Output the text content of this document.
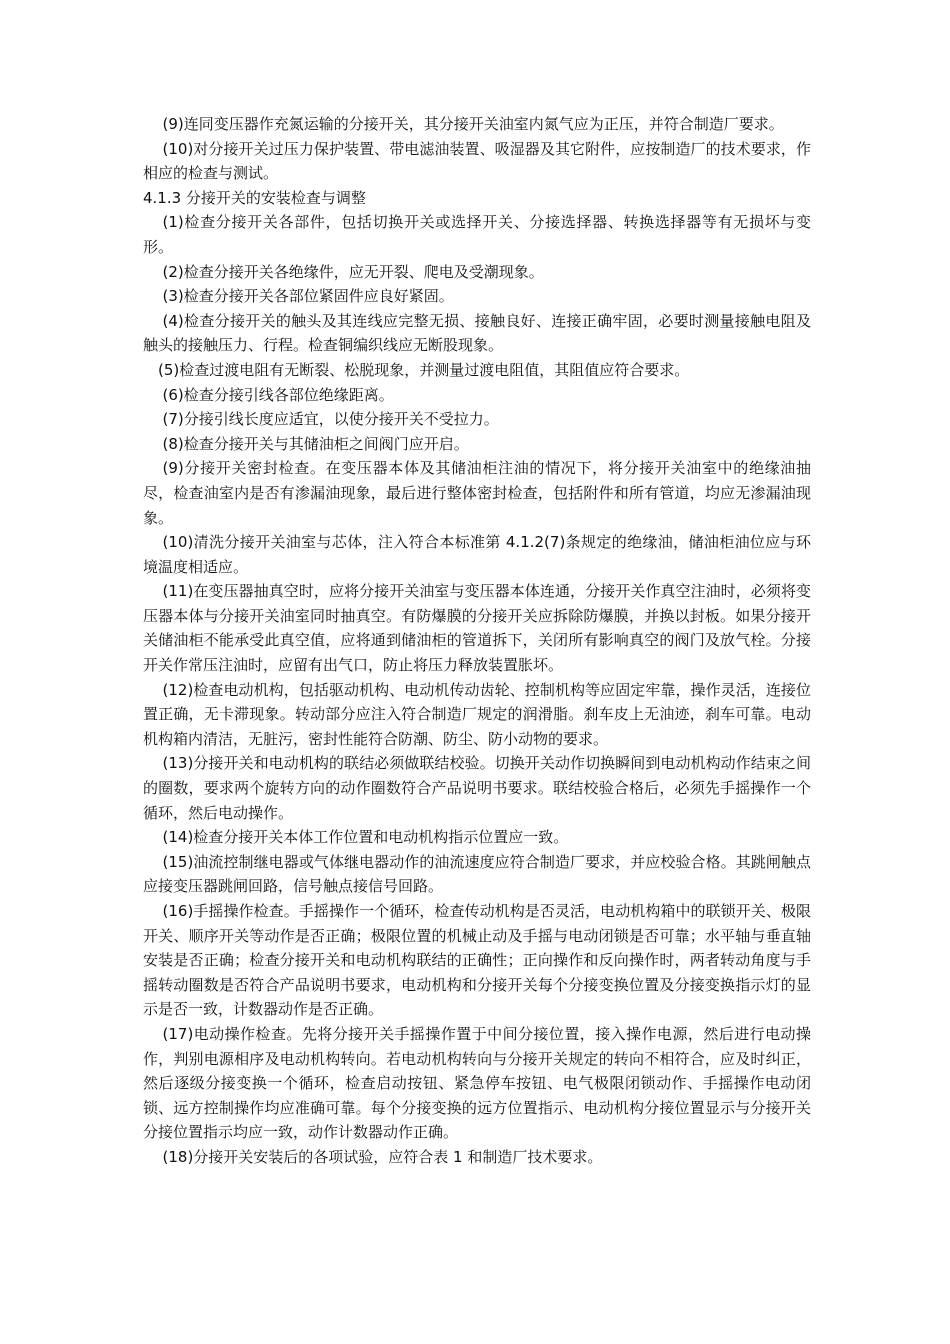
(9)连同变压器作充氮运输的分接开关，其分接开关油室内氮气应为正压，并符合制造厂要求。

(10)对分接开关过压力保护装置、带电滤油装置、吸湿器及其它附件，应按制造厂的技术要求，作相应的检查与测试。

4.1.3 分接开关的安装检查与调整

(1)检查分接开关各部件，包括切换开关或选择开关、分接选择器、转换选择器等有无损坏与变形。

(2)检查分接开关各绝缘件，应无开裂、爬电及受潮现象。

(3)检查分接开关各部位紧固件应良好紧固。

(4)检查分接开关的触头及其连线应完整无损、接触良好、连接正确牢固，必要时测量接触电阻及触头的接触压力、行程。检查铜编织线应无断股现象。

(5)检查过渡电阻有无断裂、松脱现象，并测量过渡电阻值，其阻值应符合要求。

(6)检查分接引线各部位绝缘距离。

(7)分接引线长度应适宜，以使分接开关不受拉力。

(8)检查分接开关与其储油柜之间阀门应开启。

(9)分接开关密封检查。在变压器本体及其储油柜注油的情况下，将分接开关油室中的绝缘油抽尽，检查油室内是否有渗漏油现象，最后进行整体密封检查，包括附件和所有管道，均应无渗漏油现象。

(10)清洗分接开关油室与芯体，注入符合本标准第 4.1.2(7)条规定的绝缘油，储油柜油位应与环境温度相适应。

(11)在变压器抽真空时，应将分接开关油室与变压器本体连通，分接开关作真空注油时，必须将变压器本体与分接开关油室同时抽真空。有防爆膜的分接开关应拆除防爆膜，并换以封板。如果分接开关储油柜不能承受此真空值，应将通到储油柜的管道拆下，关闭所有影响真空的阀门及放气栓。分接开关作常压注油时，应留有出气口，防止将压力释放装置胀坏。

(12)检查电动机构，包括驱动机构、电动机传动齿轮、控制机构等应固定牢靠，操作灵活，连接位置正确，无卡滞现象。转动部分应注入符合制造厂规定的润滑脂。刹车皮上无油迹，刹车可靠。电动机构箱内清洁，无脏污，密封性能符合防潮、防尘、防小动物的要求。

(13)分接开关和电动机构的联结必须做联结校验。切换开关动作切换瞬间到电动机构动作结束之间的圈数，要求两个旋转方向的动作圈数符合产品说明书要求。联结校验合格后，必须先手摇操作一个循环，然后电动操作。

(14)检查分接开关本体工作位置和电动机构指示位置应一致。

(15)油流控制继电器或气体继电器动作的油流速度应符合制造厂要求，并应校验合格。其跳闸触点应接变压器跳闸回路，信号触点接信号回路。

(16)手摇操作检查。手摇操作一个循环，检查传动机构是否灵活，电动机构箱中的联锁开关、极限开关、顺序开关等动作是否正确；极限位置的机械止动及手摇与电动闭锁是否可靠；水平轴与垂直轴安装是否正确；检查分接开关和电动机构联结的正确性；正向操作和反向操作时，两者转动角度与手摇转动圈数是否符合产品说明书要求，电动机构和分接开关每个分接变换位置及分接变换指示灯的显示是否一致，计数器动作是否正确。

(17)电动操作检查。先将分接开关手摇操作置于中间分接位置，接入操作电源，然后进行电动操作，判别电源相序及电动机构转向。若电动机构转向与分接开关规定的转向不相符合，应及时纠正，然后逐级分接变换一个循环，检查启动按钮、紧急停车按钮、电气极限闭锁动作、手摇操作电动闭锁、远方控制操作均应准确可靠。每个分接变换的远方位置指示、电动机构分接位置显示与分接开关分接位置指示均应一致，动作计数器动作正确。

(18)分接开关安装后的各项试验，应符合表 1 和制造厂技术要求。
